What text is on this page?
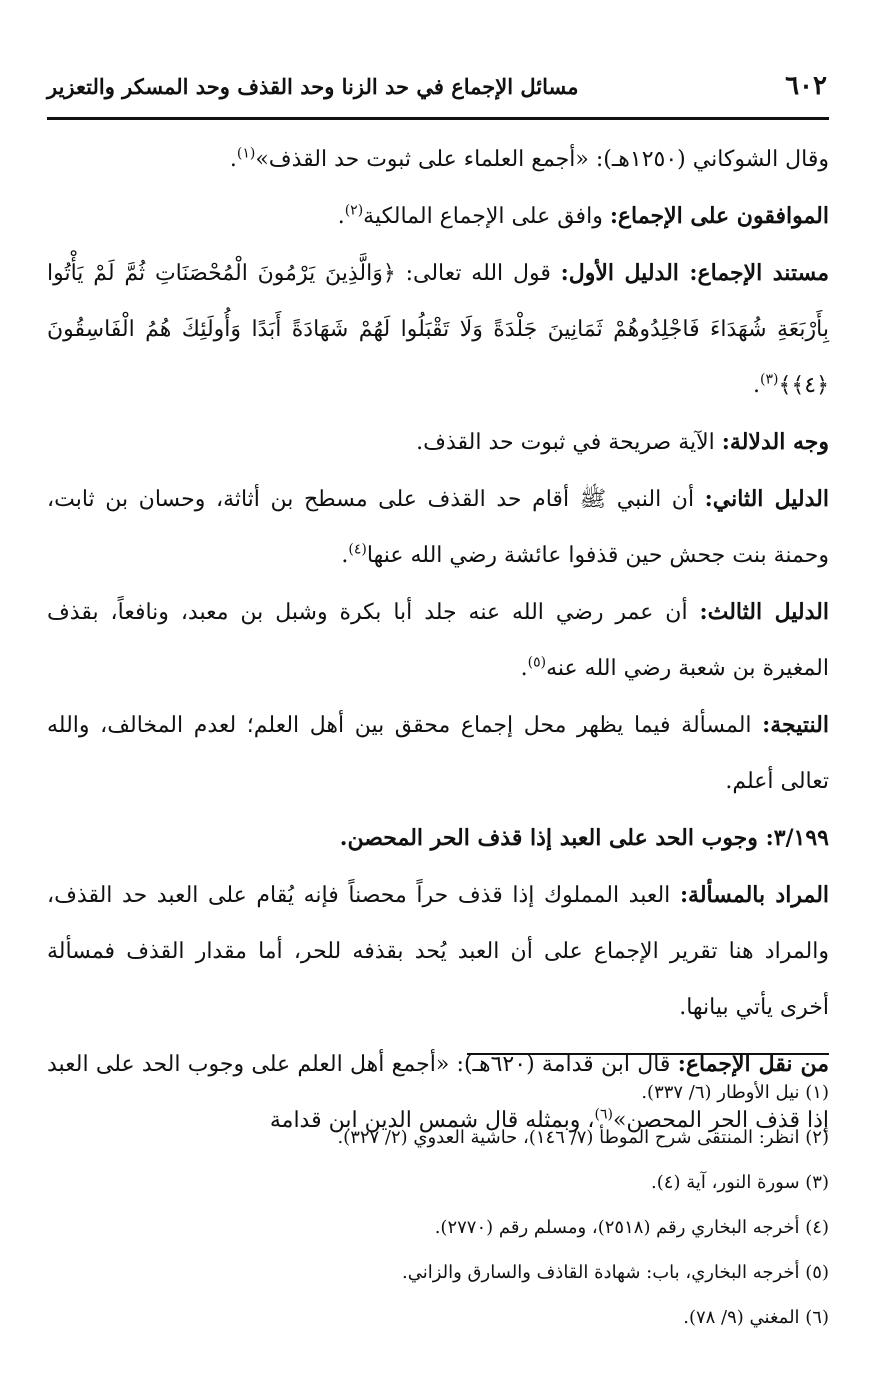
٦٠٢
مسائل الإجماع في حد الزنا وحد القذف وحد المسكر والتعزير

وقال الشوكاني (١٢٥٠هـ): «أجمع العلماء على ثبوت حد القذف»$^{(١)}$.

الموافقون على الإجماع: وافق على الإجماع المالكية$^{(٢)}$.

مستند الإجماع: الدليل الأول: قول الله تعالى: ﴿وَالَّذِينَ يَرْمُونَ الْمُحْصَنَاتِ ثُمَّ لَمْ يَأْتُوا بِأَرْبَعَةِ شُهَدَاءَ فَاجْلِدُوهُمْ ثَمَانِينَ جَلْدَةً وَلَا تَقْبَلُوا لَهُمْ شَهَادَةً أَبَدًا وَأُولَئِكَ هُمُ الْفَاسِقُونَ ﴿٤﴾﴾$^{(٣)}$.

وجه الدلالة: الآية صريحة في ثبوت حد القذف.

الدليل الثاني: أن النبي ﷺ أقام حد القذف على مسطح بن أثاثة، وحسان بن ثابت، وحمنة بنت جحش حين قذفوا عائشة رضي الله عنها$^{(٤)}$.

الدليل الثالث: أن عمر رضي الله عنه جلد أبا بكرة وشبل بن معبد، ونافعاً، بقذف المغيرة بن شعبة رضي الله عنه$^{(٥)}$.

النتيجة: المسألة فيما يظهر محل إجماع محقق بين أهل العلم؛ لعدم المخالف، والله تعالى أعلم.

٣/١٩٩: وجوب الحد على العبد إذا قذف الحر المحصن.

المراد بالمسألة: العبد المملوك إذا قذف حراً محصناً فإنه يُقام على العبد حد القذف، والمراد هنا تقرير الإجماع على أن العبد يُحد بقذفه للحر، أما مقدار القذف فمسألة أخرى يأتي بيانها.

من نقل الإجماع: قال ابن قدامة (٦٢٠هـ): «أجمع أهل العلم على وجوب الحد على العبد إذا قذف الحر المحصن»$^{(٦)}$، وبمثله قال شمس الدين ابن قدامة

(١) نيل الأوطار (٦/ ٣٣٧).
(٢) انظر: المنتقى شرح الموطأ (٧/ ١٤٦)، حاشية العدوي (٢/ ٣٢٧).
(٣) سورة النور، آية (٤).
(٤) أخرجه البخاري رقم (٢٥١٨)، ومسلم رقم (٢٧٧٠).
(٥) أخرجه البخاري، باب: شهادة القاذف والسارق والزاني.
(٦) المغني (٩/ ٧٨).
